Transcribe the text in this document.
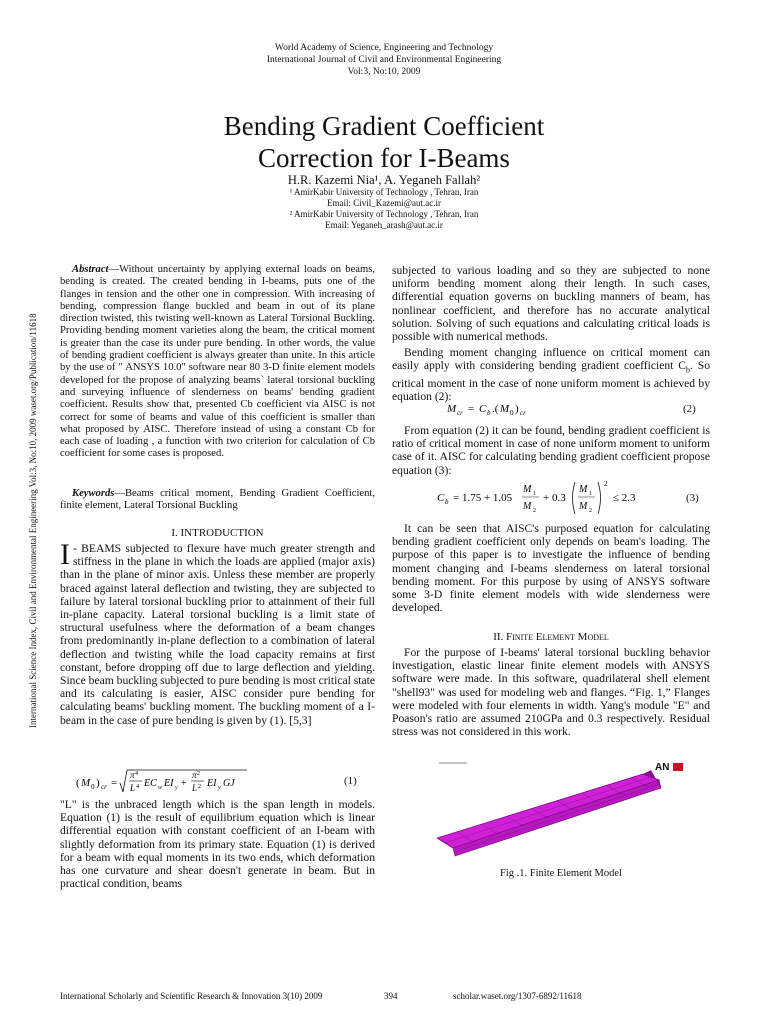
World Academy of Science, Engineering and Technology
International Journal of Civil and Environmental Engineering
Vol:3, No:10, 2009
Bending Gradient Coefficient
Correction for I-Beams
H.R. Kazemi Nia¹, A. Yeganeh Fallah²
¹ AmirKabir University of Technology , Tehran, Iran
Email: Civil_Kazemi@aut.ac.ir
² AmirKabir University of Technology , Tehran, Iran
Email: Yeganeh_arash@aut.ac.ir
International Science Index, Civil and Environmental Engineering Vol:3, No:10, 2009 waset.org/Publication/11618

Abstract—Without uncertainty by applying external loads on beams, bending is created. The created bending in I-beams, puts one of the flanges in tension and the other one in compression. With increasing of bending, compression flange buckled and beam in out of its plane direction twisted, this twisting well-known as Lateral Torsional Buckling. Providing bending moment varieties along the beam, the critical moment is greater than the case its under pure bending. In other words, the value of bending gradient coefficient is always greater than unite. In this article by the use of " ANSYS 10.0" software near 80 3-D finite element models developed for the propose of analyzing beams` lateral torsional buckling and surveying influence of slenderness on beams' bending gradient coefficient. Results show that, presented Cb coefficient via AISC is not correct for some of beams and value of this coefficient is smaller than what proposed by AISC. Therefore instead of using a constant Cb for each case of loading , a function with two criterion for calculation of Cb coefficient for some cases is proposed.

Keywords—Beams critical moment, Bending Gradient Coefficient, finite element, Lateral Torsional Buckling

I. INTRODUCTION

I - BEAMS subjected to flexure have much greater strength and stiffness in the plane in which the loads are applied (major axis) than in the plane of minor axis. Unless these member are properly braced against lateral deflection and twisting, they are subjected to failure by lateral torsional buckling prior to attainment of their full in-plane capacity. Lateral torsional buckling is a limit state of structural usefulness where the deformation of a beam changes from predominantly in-plane deflection to a combination of lateral deflection and twisting while the load capacity remains at first constant, before dropping off due to large deflection and yielding. Since beam buckling subjected to pure bending is most critical state and its calculating is easier, AISC consider pure bending for calculating beams' buckling moment. The buckling moment of a I-beam in the case of pure bending is given by (1). [5,3]

( M 0 ) cr =
π 4
L 4 EC w EI y +
π 2
L 2 EI y GJ	(1)

"L" is the unbraced length which is the span length in models. Equation (1) is the result of equilibrium equation which is linear differential equation with constant coefficient of an I-beam with slightly deformation from its primary state. Equation (1) is derived for a beam with equal moments in its two ends, which deformation has one curvature and shear doesn't generate in beam. But in practical condition, beams

subjected to various loading and so they are subjected to none uniform bending moment along their length. In such cases, differential equation governs on buckling manners of beam, has nonlinear coefficient, and therefore has no accurate analytical solution. Solving of such equations and calculating critical loads is possible with numerical methods.

Bending moment changing influence on critical moment can easily apply with considering bending gradient coefficient $C_b$. So critical moment in the case of none uniform moment is achieved by equation (2):

M cr = C b .( M 0 ) cr	(2)

From equation (2) it can be found, bending gradient coefficient is ratio of critical moment in case of none uniform moment to uniform case of it. AISC for calculating bending gradient coefficient propose equation (3):

C b = 1.75 + 1.05
M 1
M 2
+ 0.3
M 1
M 2
2
≤ 2.3	(3)

It can be seen that AISC's purposed equation for calculating bending gradient coefficient only depends on beam's loading. The purpose of this paper is to investigate the influence of bending moment changing and I-beams slenderness on lateral torsional bending moment. For this purpose by using of ANSYS software some 3-D finite element models with wide slenderness were developed.

II. Finite Element Model

For the purpose of I-beams' lateral torsional buckling behavior investigation, elastic linear finite element models with ANSYS software were made. In this software, quadrilateral shell element "shell93" was used for modeling web and flanges. “Fig. 1,” Flanges were modeled with four elements in width. Yang's module "E" and Poason's ratio are assumed 210GPa and 0.3 respectively. Residual stress was not considered in this work.

AN
Fig .1. Finite Element Model
International Scholarly and Scientific Research & Innovation 3(10) 2009	394	scholar.waset.org/1307-6892/11618
